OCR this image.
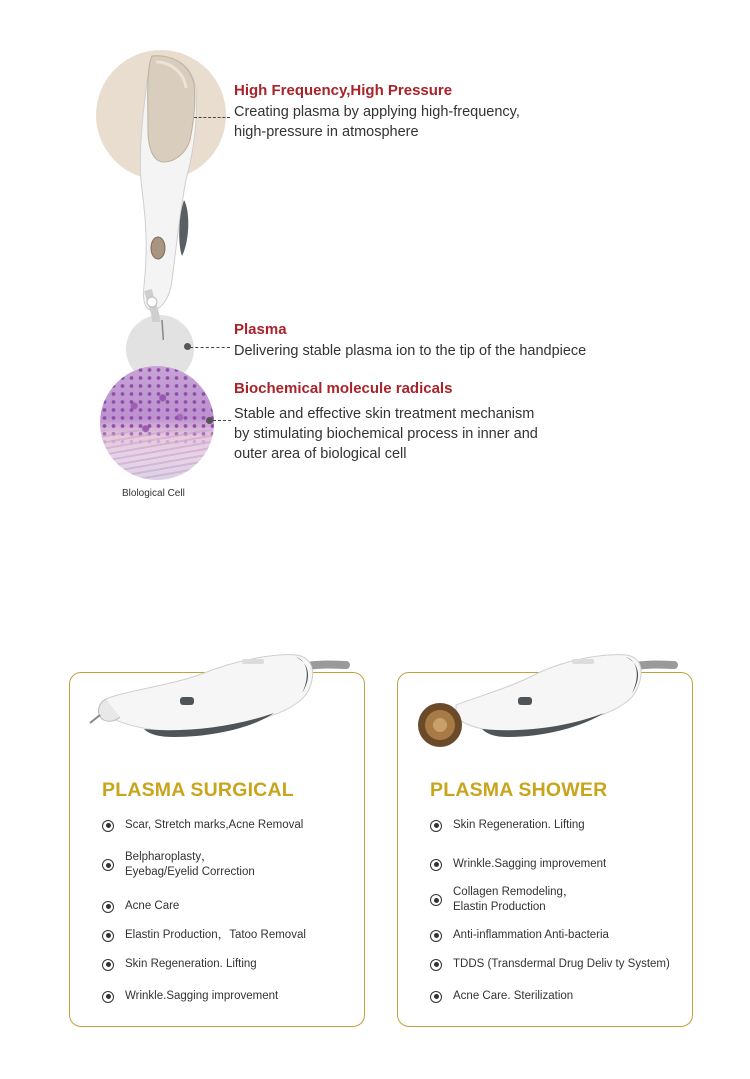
High Frequency,High Pressure
Creating plasma by applying high-frequency,
high-pressure in atmosphere
Plasma
Delivering stable plasma ion to the tip of the handpiece
Biochemical molecule radicals
Stable and effective skin treatment mechanism
by stimulating biochemical process in inner and
outer area of biological cell
Blological Cell
PLASMA SURGICAL
Scar, Stretch marks,Acne Removal
Belpharoplasty，
Eyebag/Eyelid Correction
Acne Care
Elastin Production，Tatoo Removal
Skin Regeneration. Lifting
Wrinkle.Sagging improvement
PLASMA SHOWER
Skin Regeneration. Lifting
Wrinkle.Sagging improvement
Collagen Remodeling，
Elastin Production
Anti-inflammation Anti-bacteria
TDDS (Transdermal Drug Deliv ty System)
Acne Care. Sterilization
